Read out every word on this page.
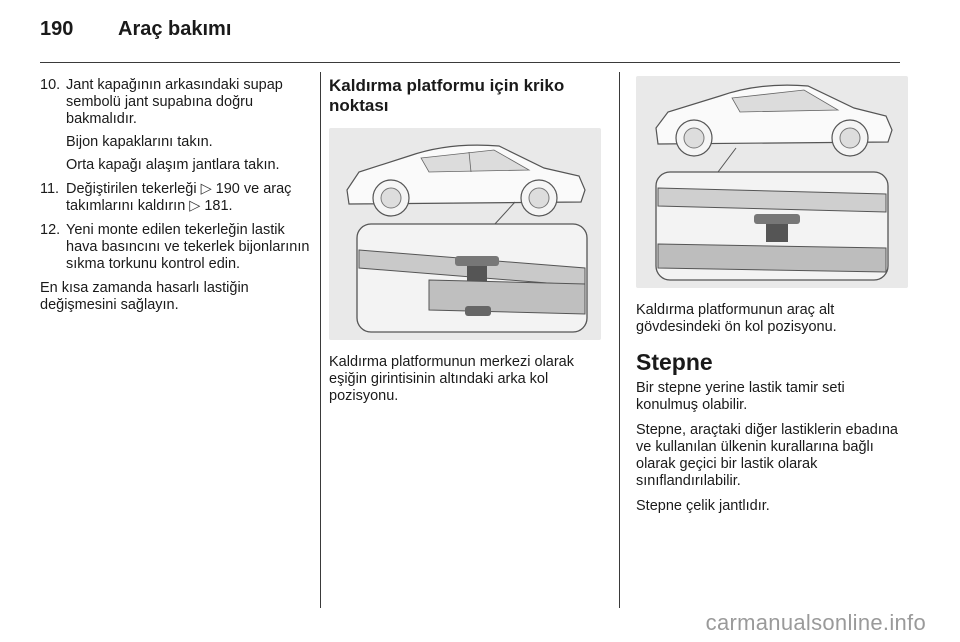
190 Araç bakımı
10. Jant kapağının arkasındaki supap sembolü jant supabına doğru bakmalıdır.

Bijon kapaklarını takın.

Orta kapağı alaşım jantlara takın.

11. Değiştirilen tekerleği ▷ 190 ve araç takımlarını kaldırın ▷ 181.

12. Yeni monte edilen tekerleğin lastik hava basıncını ve tekerlek bijonlarının sıkma torkunu kontrol edin.

En kısa zamanda hasarlı lastiğin değişmesini sağlayın.

Kaldırma platformu için kriko noktası

Kaldırma platformunun merkezi olarak eşiğin girintisinin altındaki arka kol pozisyonu.

Kaldırma platformunun araç alt gövdesindeki ön kol pozisyonu.

Stepne

Bir stepne yerine lastik tamir seti konulmuş olabilir.

Stepne, araçtaki diğer lastiklerin ebadına ve kullanılan ülkenin kurallarına bağlı olarak geçici bir lastik olarak sınıflandırılabilir.

Stepne çelik jantlıdır.

carmanualsonline.info
